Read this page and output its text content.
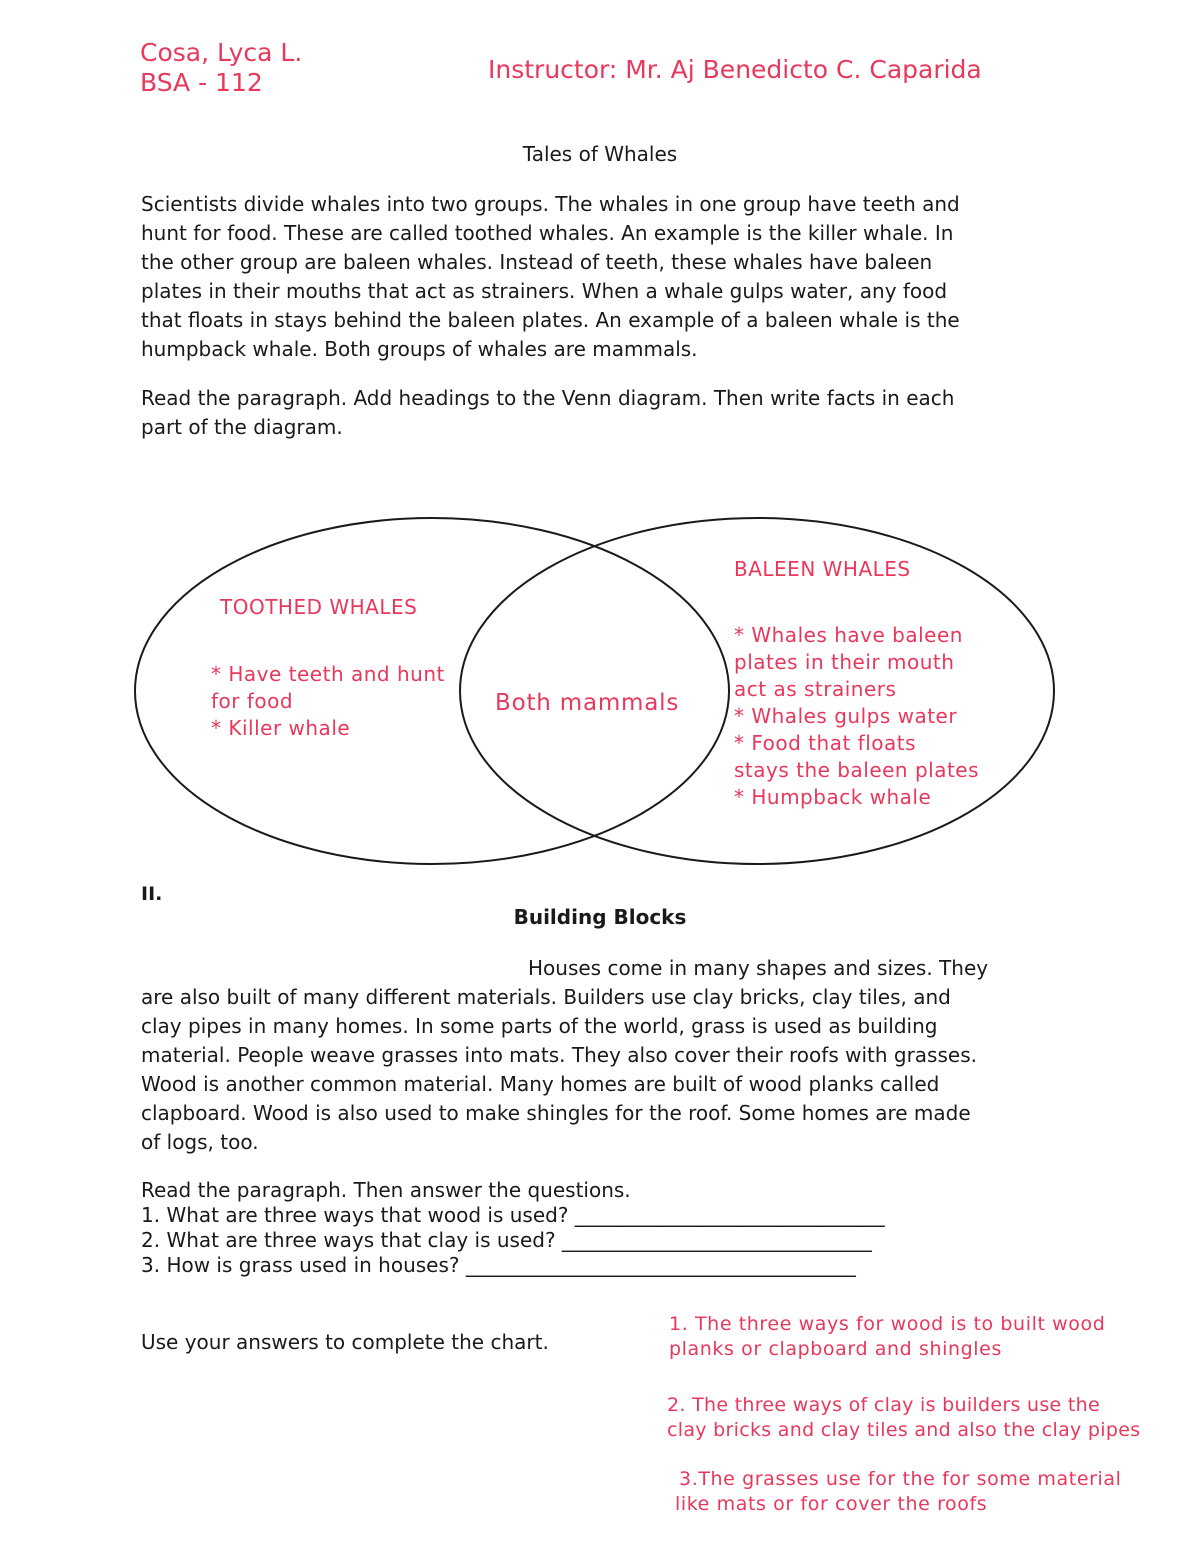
Cosa, Lyca L.
BSA - 112	Instructor: Mr. Aj Benedicto C. Caparida
Tales of Whales
Scientists divide whales into two groups. The whales in one group have teeth and
hunt for food. These are called toothed whales. An example is the killer whale. In
the other group are baleen whales. Instead of teeth, these whales have baleen
plates in their mouths that act as strainers. When a whale gulps water, any food
that floats in stays behind the baleen plates. An example of a baleen whale is the
humpback whale. Both groups of whales are mammals.
Read the paragraph. Add headings to the Venn diagram. Then write facts in each
part of the diagram.
TOOTHED WHALES
* Have teeth and hunt
for food
* Killer whale
Both mammals
BALEEN WHALES
* Whales have baleen
plates in their mouth
act as strainers
* Whales gulps water
* Food that floats
stays the baleen plates
* Humpback whale
II.
Building Blocks
Houses come in many shapes and sizes. They
are also built of many different materials. Builders use clay bricks, clay tiles, and
clay pipes in many homes. In some parts of the world, grass is used as building
material. People weave grasses into mats. They also cover their roofs with grasses.
Wood is another common material. Many homes are built of wood planks called
clapboard. Wood is also used to make shingles for the roof. Some homes are made
of logs, too.
Read the paragraph. Then answer the questions.
1. What are three ways that wood is used? _______________________________
2. What are three ways that clay is used? _______________________________
3. How is grass used in houses? _______________________________________
Use your answers to complete the chart.
1. The three ways for wood is to built wood
planks or clapboard and shingles
2. The three ways of clay is builders use the
clay bricks and clay tiles and also the clay pipes
3.The grasses use for the for some material
like mats or for cover the roofs
